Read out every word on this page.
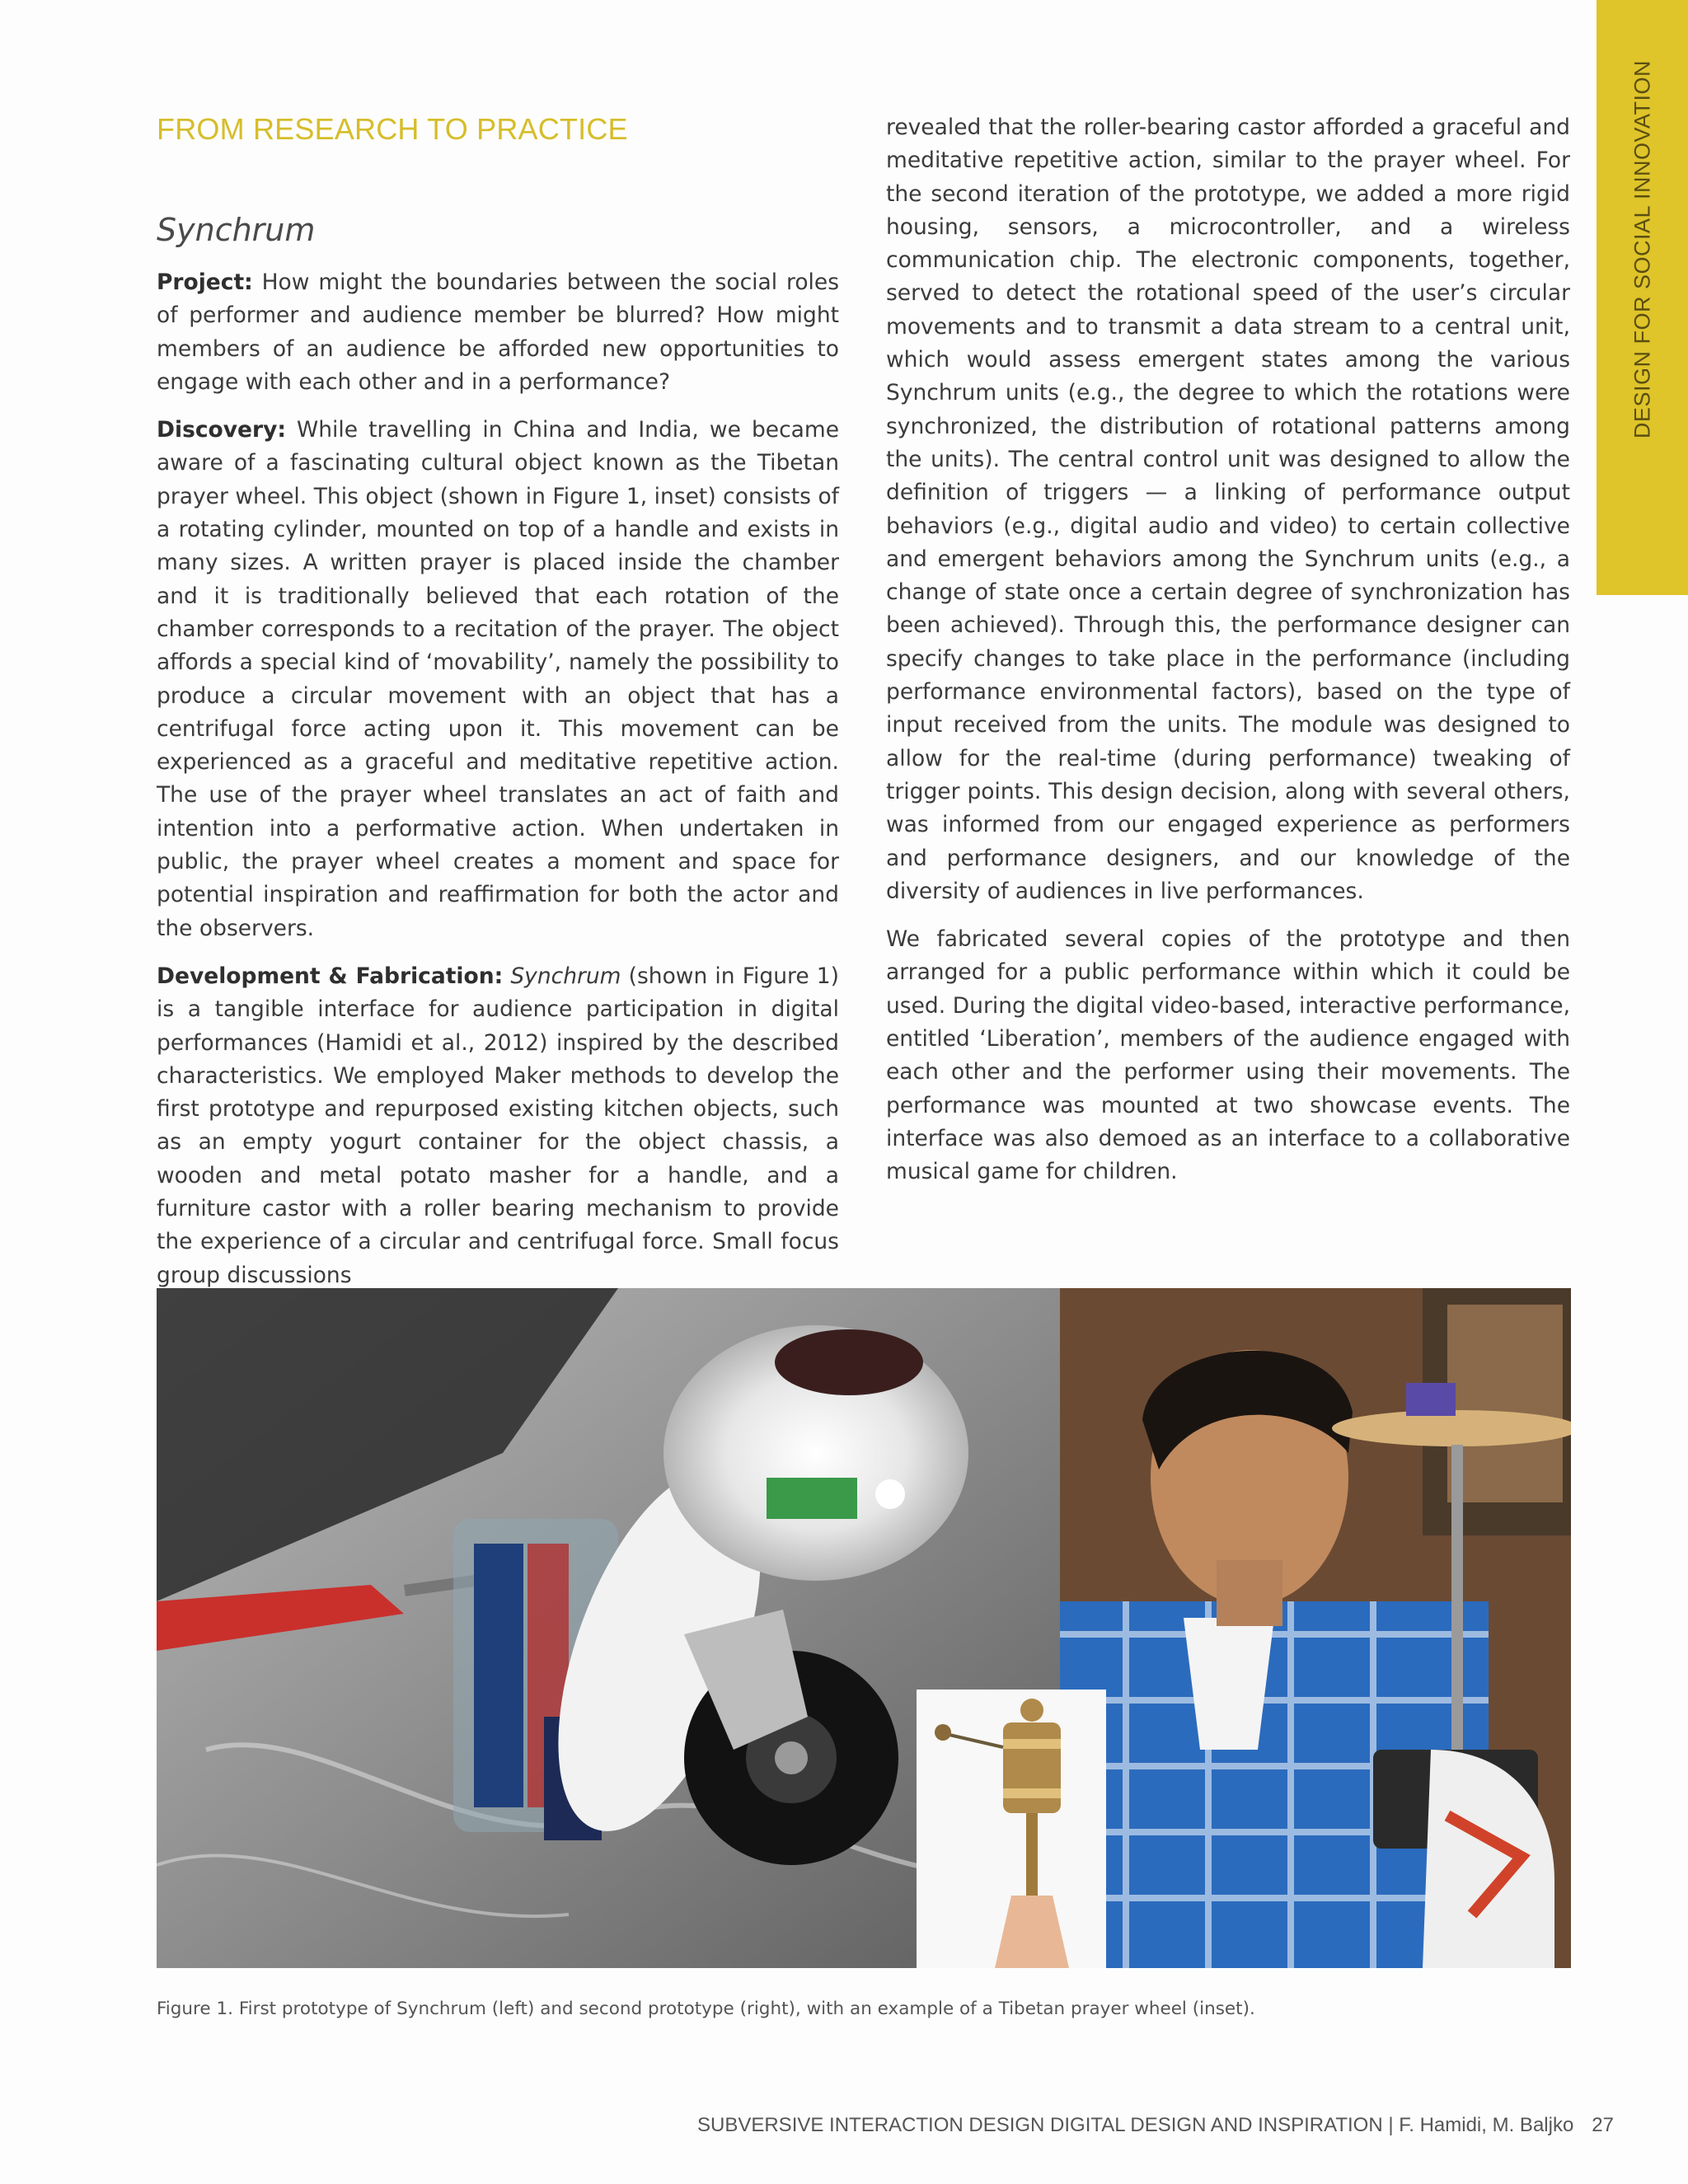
DESIGN FOR SOCIAL INNOVATION
FROM RESEARCH TO PRACTICE
Synchrum

Project: How might the boundaries between the social roles of performer and audience member be blurred? How might members of an audience be afforded new opportunities to engage with each other and in a performance?

Discovery: While travelling in China and India, we became aware of a fascinating cultural object known as the Tibetan prayer wheel. This object (shown in Figure 1, inset) consists of a rotating cylinder, mounted on top of a handle and exists in many sizes. A written prayer is placed inside the chamber and it is traditionally believed that each rotation of the chamber corresponds to a recitation of the prayer. The object affords a special kind of ‘movability’, namely the possibility to produce a circular movement with an object that has a centrifugal force acting upon it. This movement can be experienced as a graceful and meditative repetitive action. The use of the prayer wheel translates an act of faith and intention into a performative action. When undertaken in public, the prayer wheel creates a moment and space for potential inspiration and reaffirmation for both the actor and the observers.

Development & Fabrication: Synchrum (shown in Figure 1) is a tangible interface for audience participation in digital performances (Hamidi et al., 2012) inspired by the described characteristics. We employed Maker methods to develop the first prototype and repurposed existing kitchen objects, such as an empty yogurt container for the object chassis, a wooden and metal potato masher for a handle, and a furniture castor with a roller bearing mechanism to provide the experience of a circular and centrifugal force. Small focus group discussions

revealed that the roller-bearing castor afforded a graceful and meditative repetitive action, similar to the prayer wheel. For the second iteration of the prototype, we added a more rigid housing, sensors, a microcontroller, and a wireless communication chip. The electronic components, together, served to detect the rotational speed of the user’s circular movements and to transmit a data stream to a central unit, which would assess emergent states among the various Synchrum units (e.g., the degree to which the rotations were synchronized, the distribution of rotational patterns among the units). The central control unit was designed to allow the definition of triggers — a linking of performance output behaviors (e.g., digital audio and video) to certain collective and emergent behaviors among the Synchrum units (e.g., a change of state once a certain degree of synchronization has been achieved). Through this, the performance designer can specify changes to take place in the performance (including performance environmental factors), based on the type of input received from the units. The module was designed to allow for the real-time (during performance) tweaking of trigger points. This design decision, along with several others, was informed from our engaged experience as performers and performance designers, and our knowledge of the diversity of audiences in live performances.

We fabricated several copies of the prototype and then arranged for a public performance within which it could be used. During the digital video-based, interactive performance, entitled ‘Liberation’, members of the audience engaged with each other and the performer using their movements. The performance was mounted at two showcase events. The interface was also demoed as an interface to a collaborative musical game for children.

Figure 1. First prototype of Synchrum (left) and second prototype (right), with an example of a Tibetan prayer wheel (inset).
SUBVERSIVE INTERACTION DESIGN DIGITAL DESIGN AND INSPIRATION | F. Hamidi, M. Baljko 27
